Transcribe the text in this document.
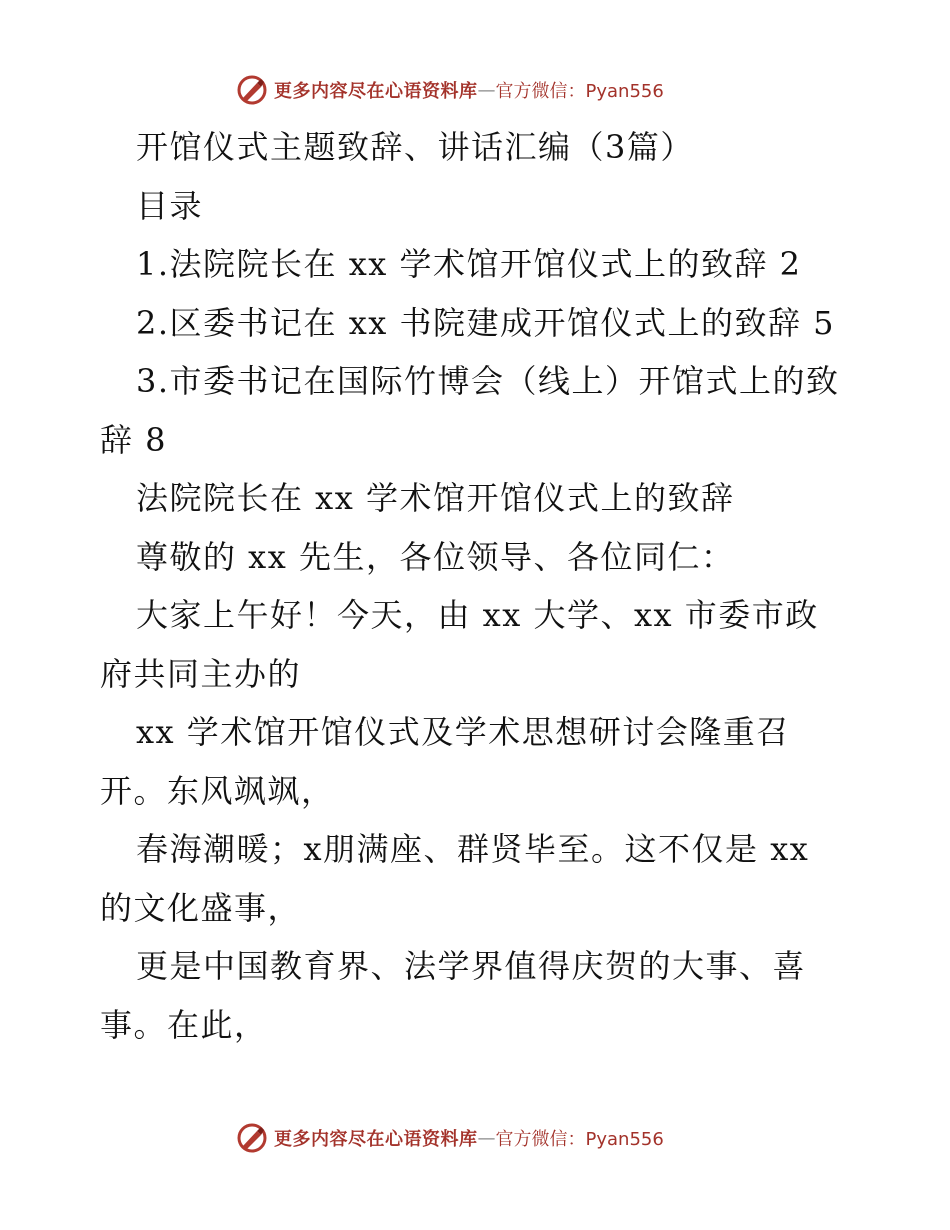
更多内容尽在心语资料库 — 官方微信：Pyan556
开馆仪式主题致辞、讲话汇编（3篇）
目录
1.法院院长在 xx 学术馆开馆仪式上的致辞 2
2.区委书记在 xx 书院建成开馆仪式上的致辞 5
3.市委书记在国际竹博会（线上）开馆式上的致
辞 8
法院院长在 xx 学术馆开馆仪式上的致辞
尊敬的 xx 先生，各位领导、各位同仁：
大家上午好！今天，由 xx 大学、xx 市委市政
府共同主办的
xx 学术馆开馆仪式及学术思想研讨会隆重召
开。东风飒飒，
春海潮暖；x朋满座、群贤毕至。这不仅是 xx
的文化盛事，
更是中国教育界、法学界值得庆贺的大事、喜
事。在此，
更多内容尽在心语资料库 — 官方微信：Pyan556
